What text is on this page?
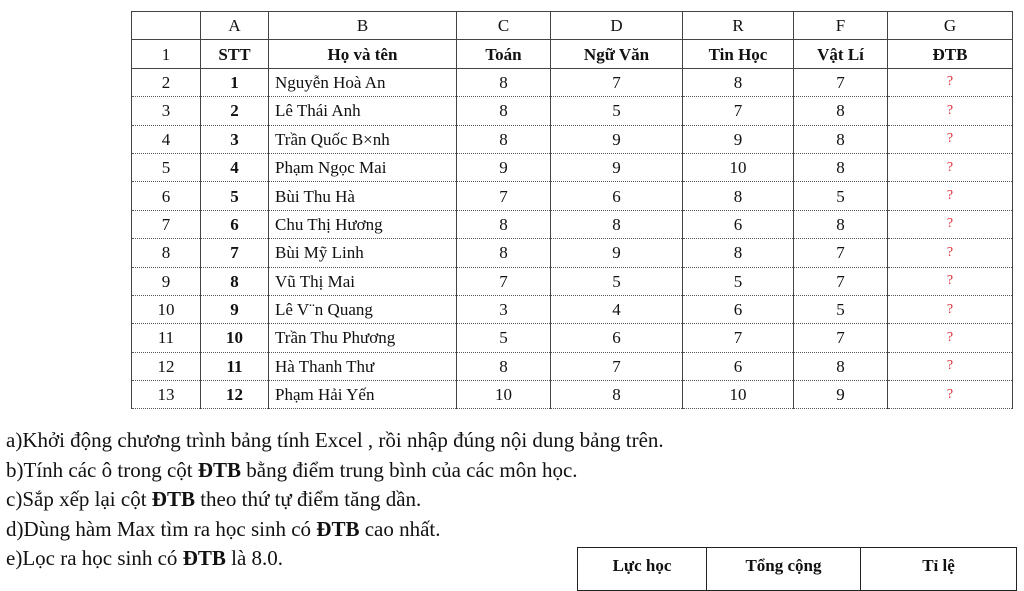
	A	B	C	D	R	F	G
1	STT	Họ và tên	Toán	Ngữ Văn	Tin Học	Vật Lí	ĐTB
2	1	Nguyễn Hoà An	8	7	8	7	?
3	2	Lê Thái Anh	8	5	7	8	?
4	3	Trần Quốc B×nh	8	9	9	8	?
5	4	Phạm Ngọc Mai	9	9	10	8	?
6	5	Bùi Thu Hà	7	6	8	5	?
7	6	Chu Thị Hương	8	8	6	8	?
8	7	Bùi Mỹ Linh	8	9	8	7	?
9	8	Vũ Thị Mai	7	5	5	7	?
10	9	Lê V¨n Quang	3	4	6	5	?
11	10	Trần Thu Phương	5	6	7	7	?
12	11	Hà Thanh Thư	8	7	6	8	?
13	12	Phạm Hải Yến	10	8	10	9	?
a)Khởi động chương trình bảng tính Excel , rồi nhập đúng nội dung bảng trên.
b)Tính các ô trong cột ĐTB bằng điểm trung bình của các môn học.
c)Sắp xếp lại cột ĐTB theo thứ tự điểm tăng dần.
d)Dùng hàm Max tìm ra học sinh có ĐTB cao nhất.
e)Lọc ra học sinh có ĐTB là 8.0.	Lực học	Tổng cộng	Tỉ lệ
